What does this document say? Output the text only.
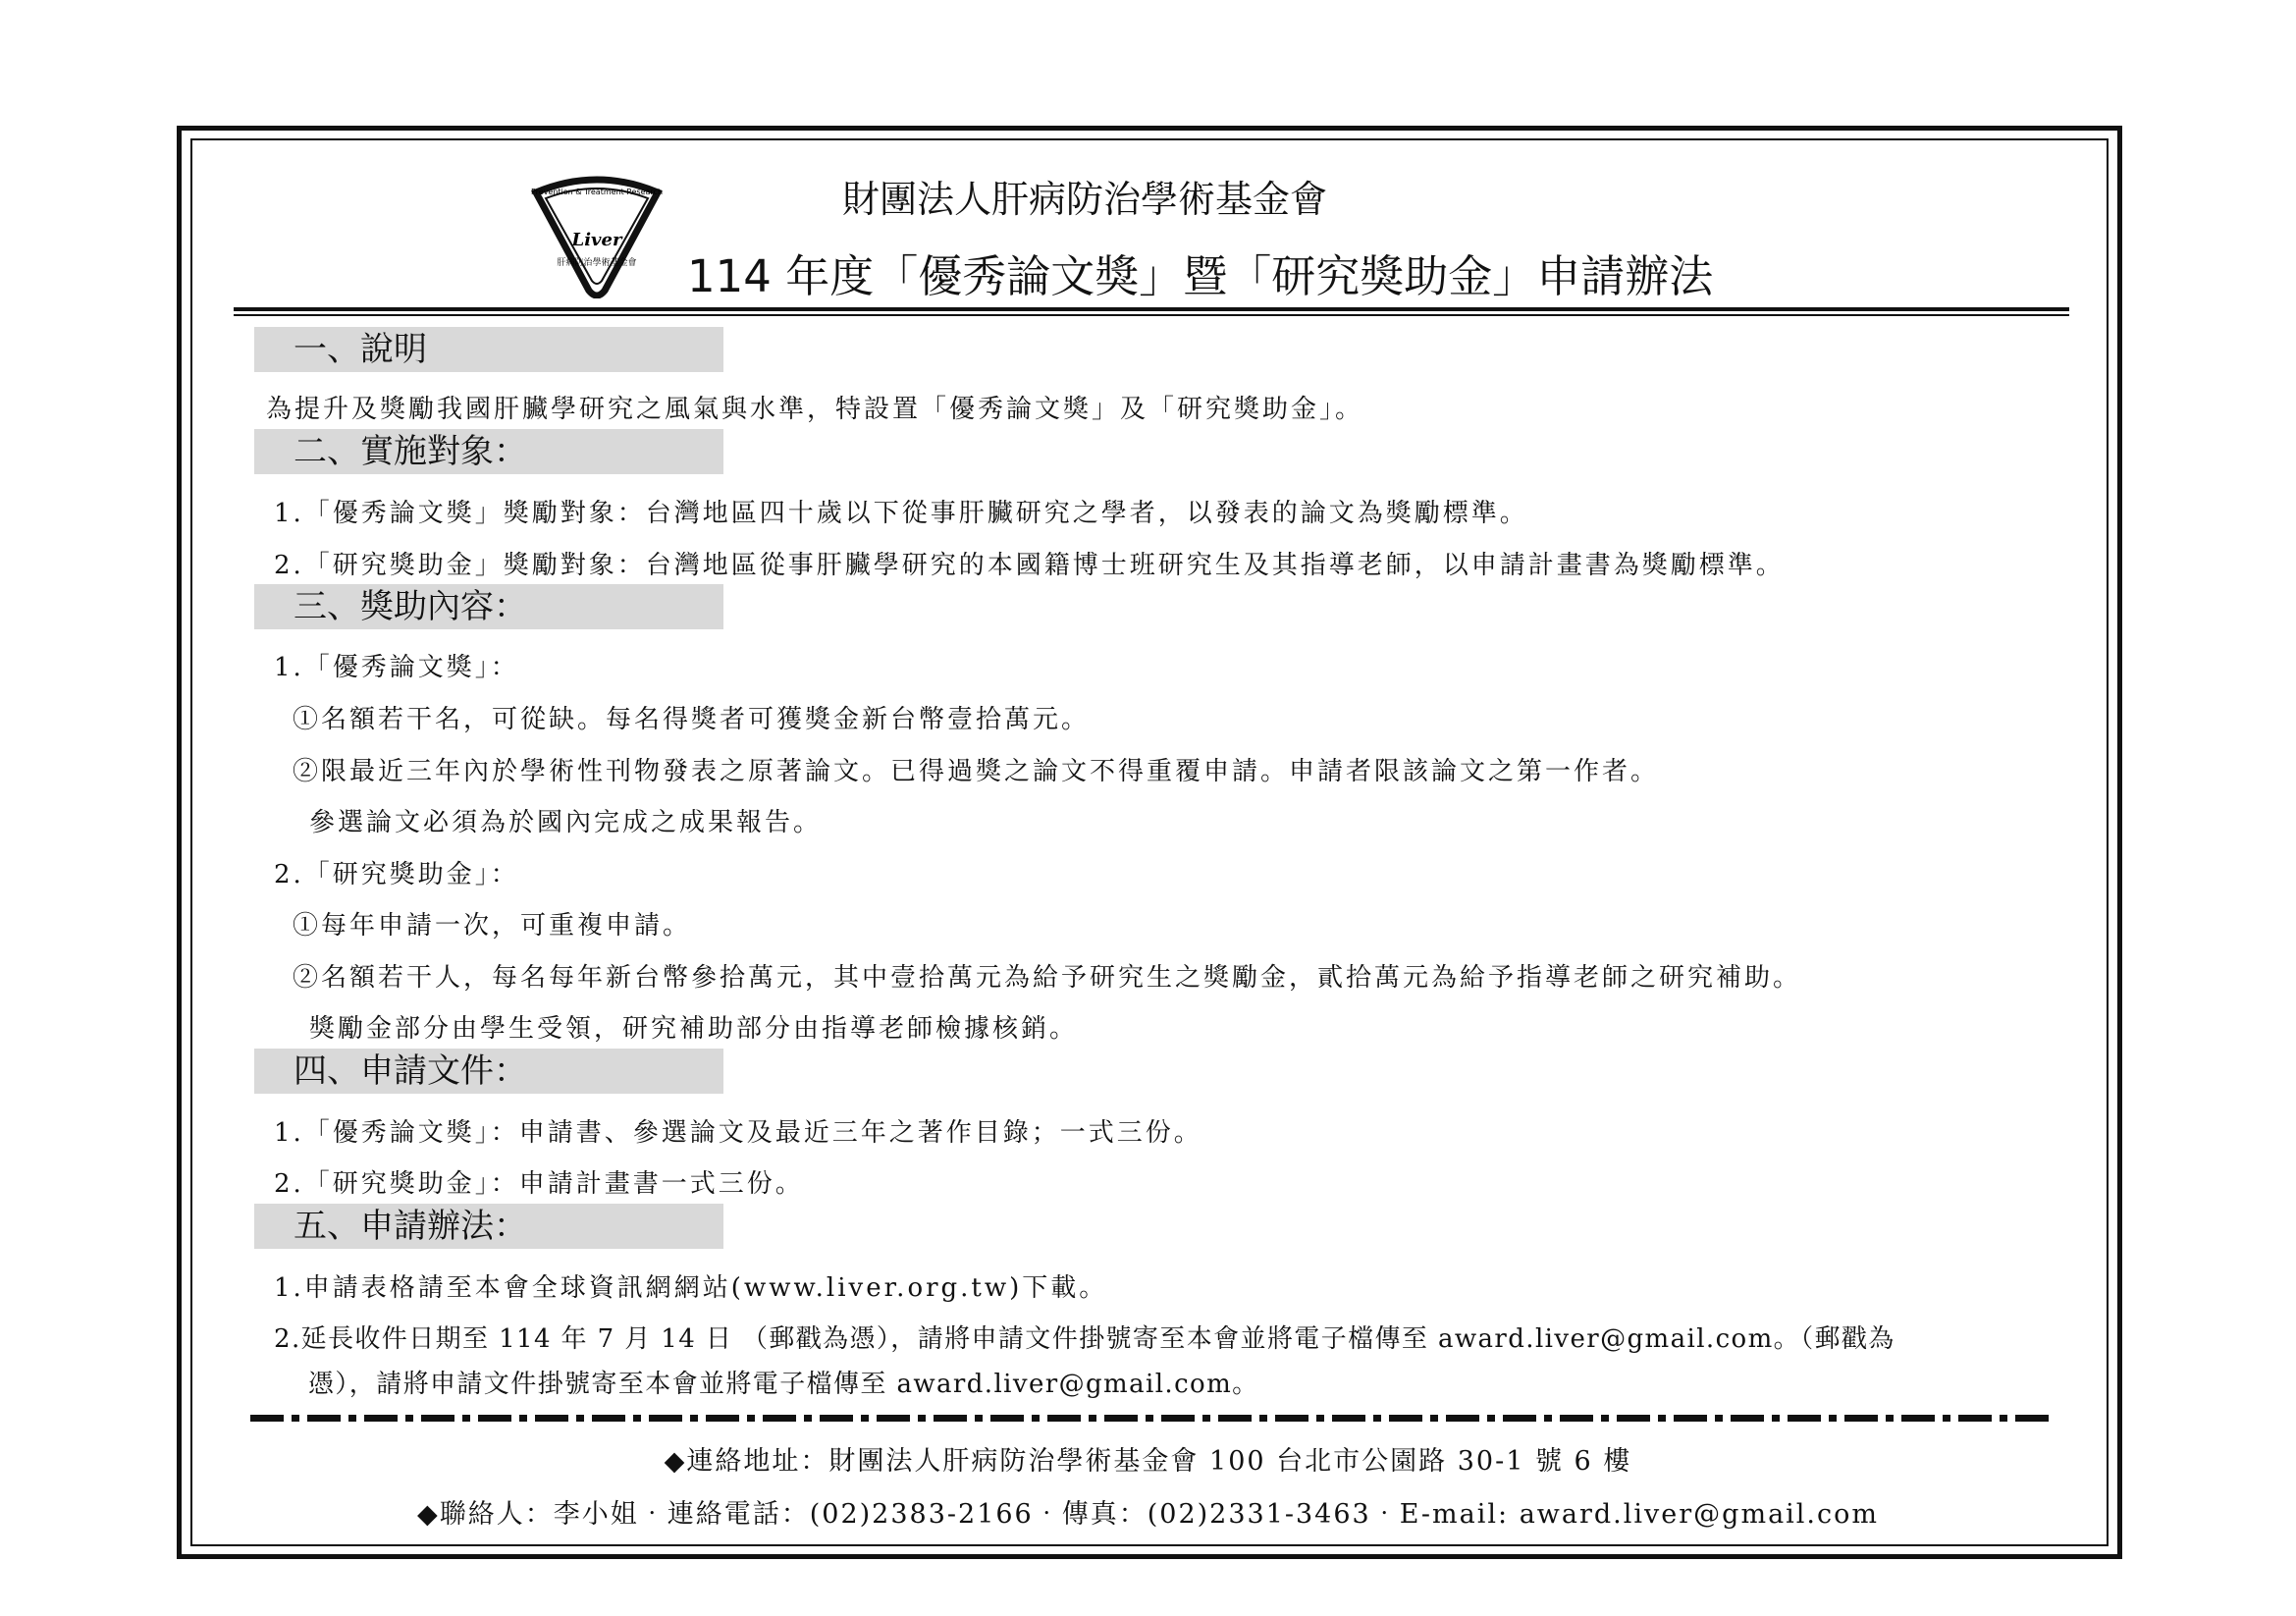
Prevention & Treatment Research
Liver
肝病防治學術基金會
財團法人肝病防治學術基金會
114 年度「優秀論文獎」暨「研究獎助金」申請辦法
一、說明
為提升及獎勵我國肝臟學研究之風氣與水準，特設置「優秀論文獎」及「研究獎助金」。
二、實施對象：
1.「優秀論文獎」獎勵對象：台灣地區四十歲以下從事肝臟研究之學者，以發表的論文為獎勵標準。
2.「研究獎助金」獎勵對象：台灣地區從事肝臟學研究的本國籍博士班研究生及其指導老師，以申請計畫書為獎勵標準。
三、獎助內容：
1.「優秀論文獎」：
①名額若干名，可從缺。每名得獎者可獲獎金新台幣壹拾萬元。
②限最近三年內於學術性刊物發表之原著論文。已得過獎之論文不得重覆申請。申請者限該論文之第一作者。
參選論文必須為於國內完成之成果報告。
2.「研究獎助金」：
①每年申請一次，可重複申請。
②名額若干人，每名每年新台幣參拾萬元，其中壹拾萬元為給予研究生之獎勵金，貳拾萬元為給予指導老師之研究補助。
獎勵金部分由學生受領，研究補助部分由指導老師檢據核銷。
四、申請文件：
1.「優秀論文獎」：申請書、參選論文及最近三年之著作目錄；一式三份。
2.「研究獎助金」：申請計畫書一式三份。
五、申請辦法：
1.申請表格請至本會全球資訊網網站(www.liver.org.tw)下載。
2.延長收件日期至 114 年 7 月 14 日 （郵戳為憑），請將申請文件掛號寄至本會並將電子檔傳至 award.liver@gmail.com。（郵戳為
憑），請將申請文件掛號寄至本會並將電子檔傳至 award.liver@gmail.com。
◆連絡地址：財團法人肝病防治學術基金會 100 台北市公園路 30-1 號 6 樓
◆聯絡人：李小姐‧連絡電話：(02)2383-2166‧傳真：(02)2331-3463‧E-mail: award.liver@gmail.com
